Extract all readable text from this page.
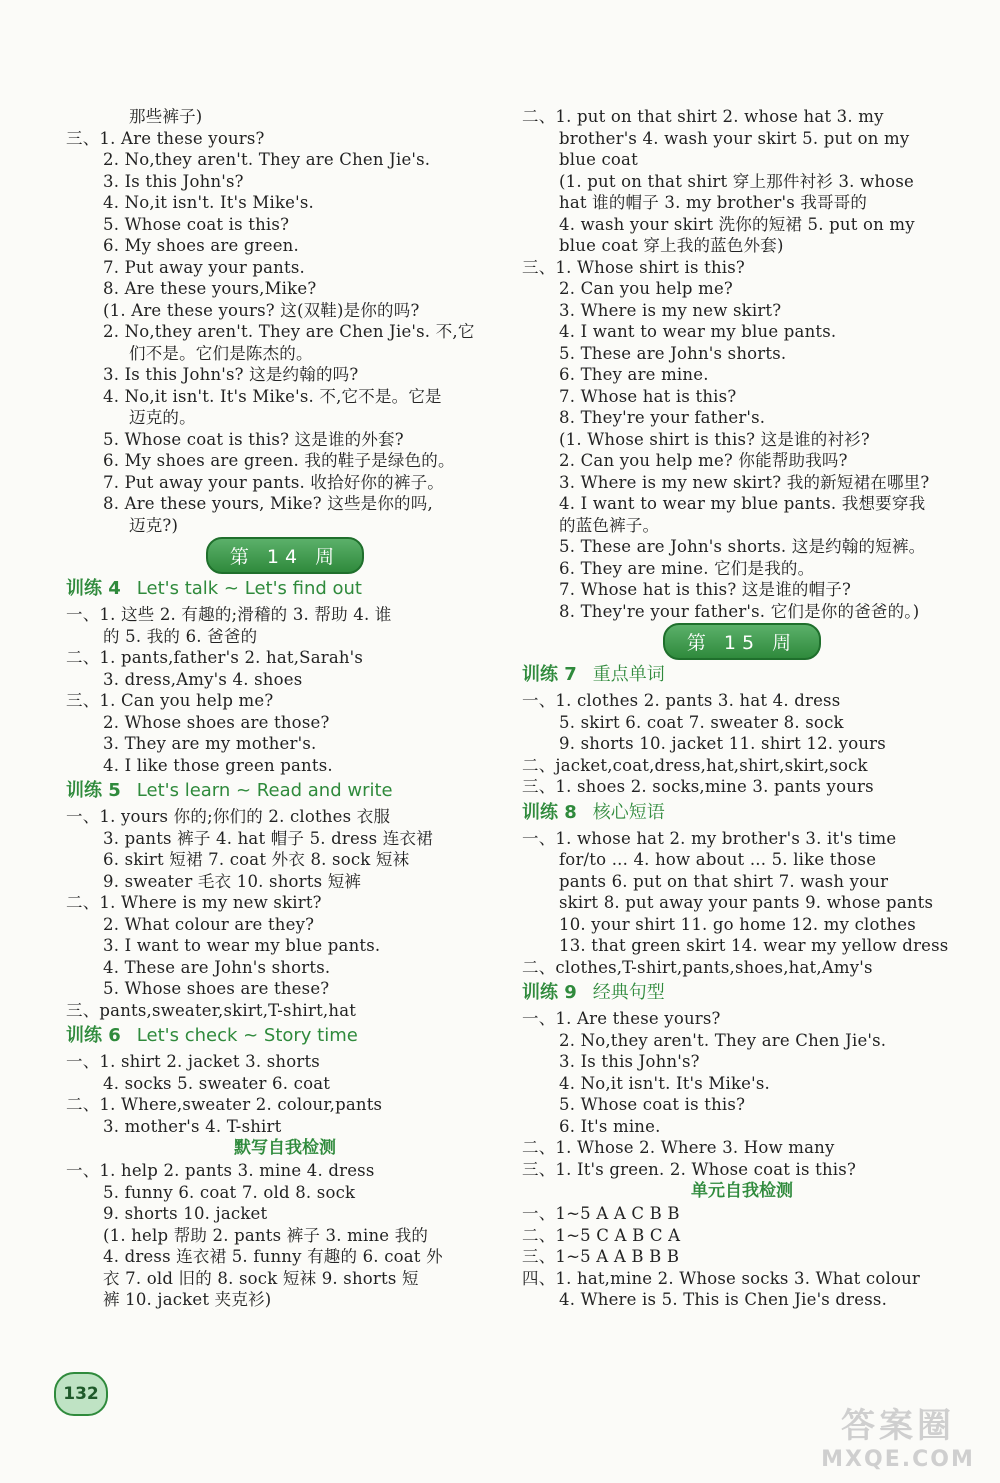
那些裤子)
三、1. Are these yours?
2. No,they aren't. They are Chen Jie's.
3. Is this John's?
4. No,it isn't. It's Mike's.
5. Whose coat is this?
6. My shoes are green.
7. Put away your pants.
8. Are these yours,Mike?
(1. Are these yours? 这(双鞋)是你的吗?
2. No,they aren't. They are Chen Jie's. 不,它
们不是。它们是陈杰的。
3. Is this John's? 这是约翰的吗?
4. No,it isn't. It's Mike's. 不,它不是。它是
迈克的。
5. Whose coat is this? 这是谁的外套?
6. My shoes are green. 我的鞋子是绿色的。
7. Put away your pants. 收拾好你的裤子。
8. Are these yours, Mike? 这些是你的吗,
迈克?)
第 14 周
训练 4 Let's talk ~ Let's find out
一、1. 这些 2. 有趣的;滑稽的 3. 帮助 4. 谁
的 5. 我的 6. 爸爸的
二、1. pants,father's 2. hat,Sarah's
3. dress,Amy's 4. shoes
三、1. Can you help me?
2. Whose shoes are those?
3. They are my mother's.
4. I like those green pants.
训练 5 Let's learn ~ Read and write
一、1. yours 你的;你们的 2. clothes 衣服
3. pants 裤子 4. hat 帽子 5. dress 连衣裙
6. skirt 短裙 7. coat 外衣 8. sock 短袜
9. sweater 毛衣 10. shorts 短裤
二、1. Where is my new skirt?
2. What colour are they?
3. I want to wear my blue pants.
4. These are John's shorts.
5. Whose shoes are these?
三、pants,sweater,skirt,T-shirt,hat
训练 6 Let's check ~ Story time
一、1. shirt 2. jacket 3. shorts
4. socks 5. sweater 6. coat
二、1. Where,sweater 2. colour,pants
3. mother's 4. T-shirt
默写自我检测
一、1. help 2. pants 3. mine 4. dress
5. funny 6. coat 7. old 8. sock
9. shorts 10. jacket
(1. help 帮助 2. pants 裤子 3. mine 我的
4. dress 连衣裙 5. funny 有趣的 6. coat 外
衣 7. old 旧的 8. sock 短袜 9. shorts 短
裤 10. jacket 夹克衫)
二、1. put on that shirt 2. whose hat 3. my
brother's 4. wash your skirt 5. put on my
blue coat
(1. put on that shirt 穿上那件衬衫 3. whose
hat 谁的帽子 3. my brother's 我哥哥的
4. wash your skirt 洗你的短裙 5. put on my
blue coat 穿上我的蓝色外套)
三、1. Whose shirt is this?
2. Can you help me?
3. Where is my new skirt?
4. I want to wear my blue pants.
5. These are John's shorts.
6. They are mine.
7. Whose hat is this?
8. They're your father's.
(1. Whose shirt is this? 这是谁的衬衫?
2. Can you help me? 你能帮助我吗?
3. Where is my new skirt? 我的新短裙在哪里?
4. I want to wear my blue pants. 我想要穿我
的蓝色裤子。
5. These are John's shorts. 这是约翰的短裤。
6. They are mine. 它们是我的。
7. Whose hat is this? 这是谁的帽子?
8. They're your father's. 它们是你的爸爸的。)
第 15 周
训练 7 重点单词
一、1. clothes 2. pants 3. hat 4. dress
5. skirt 6. coat 7. sweater 8. sock
9. shorts 10. jacket 11. shirt 12. yours
二、jacket,coat,dress,hat,shirt,skirt,sock
三、1. shoes 2. socks,mine 3. pants yours
训练 8 核心短语
一、1. whose hat 2. my brother's 3. it's time
for/to ... 4. how about ... 5. like those
pants 6. put on that shirt 7. wash your
skirt 8. put away your pants 9. whose pants
10. your shirt 11. go home 12. my clothes
13. that green skirt 14. wear my yellow dress
二、clothes,T-shirt,pants,shoes,hat,Amy's
训练 9 经典句型
一、1. Are these yours?
2. No,they aren't. They are Chen Jie's.
3. Is this John's?
4. No,it isn't. It's Mike's.
5. Whose coat is this?
6. It's mine.
二、1. Whose 2. Where 3. How many
三、1. It's green. 2. Whose coat is this?
单元自我检测
一、1~5 A A C B B
二、1~5 C A B C A
三、1~5 A A B B B
四、1. hat,mine 2. Whose socks 3. What colour
4. Where is 5. This is Chen Jie's dress.
132
答案圈
MXQE.COM
